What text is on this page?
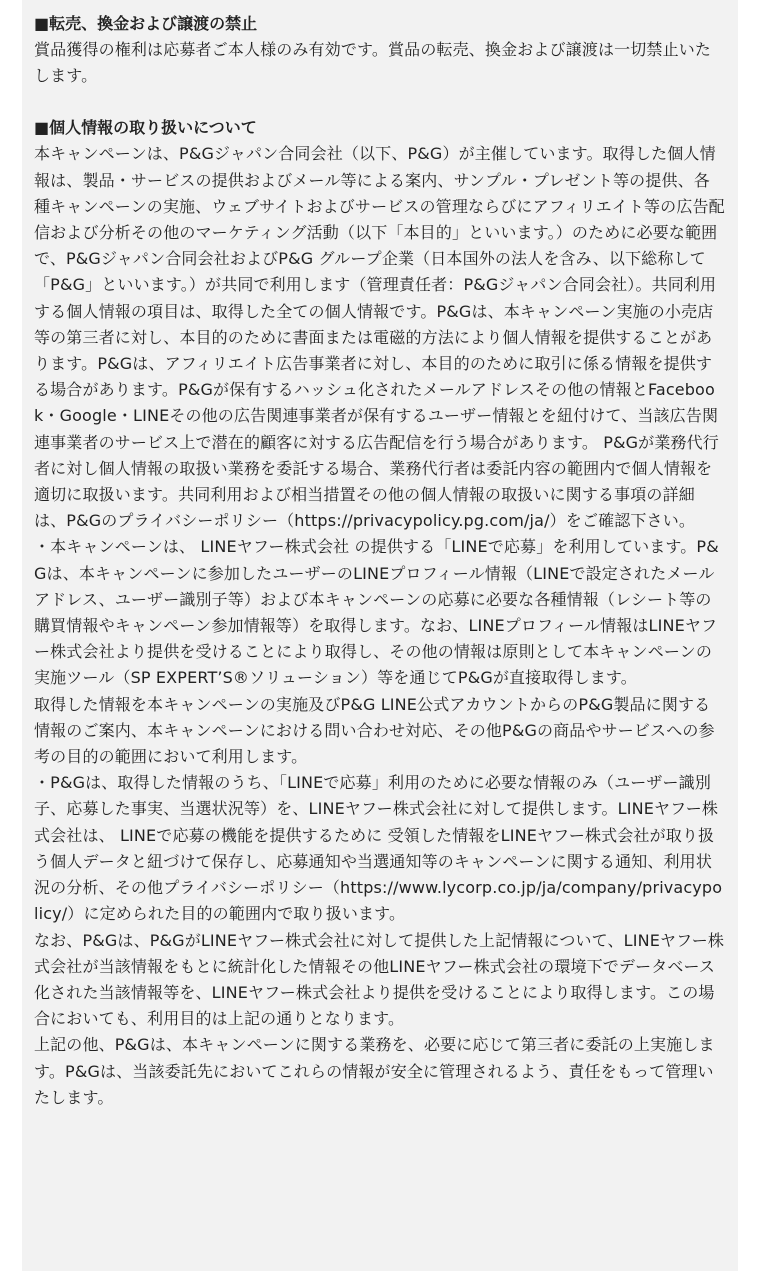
■転売、換金および譲渡の禁止

賞品獲得の権利は応募者ご本人様のみ有効です。賞品の転売、換金および譲渡は一切禁止いたします。

■個人情報の取り扱いについて

本キャンペーンは、P&Gジャパン合同会社（以下、P&G）が主催しています。取得した個人情報は、製品・サービスの提供およびメール等による案内、サンプル・プレゼント等の提供、各種キャンペーンの実施、ウェブサイトおよびサービスの管理ならびにアフィリエイト等の広告配信および分析その他のマーケティング活動（以下「本目的」といいます。）のために必要な範囲で、P&Gジャパン合同会社およびP&G グループ企業（日本国外の法人を含み、以下総称して「P&G」といいます。）が共同で利用します（管理責任者：P&Gジャパン合同会社）。共同利用する個人情報の項目は、取得した全ての個人情報です。P&Gは、本キャンペーン実施の小売店等の第三者に対し、本目的のために書面または電磁的方法により個人情報を提供することがあります。P&Gは、アフィリエイト広告事業者に対し、本目的のために取引に係る情報を提供する場合があります。P&Gが保有するハッシュ化されたメールアドレスその他の情報とFacebook・Google・LINEその他の広告関連事業者が保有するユーザー情報とを紐付けて、当該広告関連事業者のサービス上で潜在的顧客に対する広告配信を行う場合があります。 P&Gが業務代行者に対し個人情報の取扱い業務を委託する場合、業務代行者は委託内容の範囲内で個人情報を適切に取扱います。共同利用および相当措置その他の個人情報の取扱いに関する事項の詳細は、P&Gのプライバシーポリシー（https://privacypolicy.pg.com/ja/）をご確認下さい。

・本キャンペーンは、 LINEヤフー株式会社 の提供する「LINEで応募」を利用しています。P&Gは、本キャンペーンに参加したユーザーのLINEプロフィール情報（LINEで設定されたメールアドレス、ユーザー識別子等）および本キャンペーンの応募に必要な各種情報（レシート等の購買情報やキャンペーン参加情報等）を取得します。なお、LINEプロフィール情報はLINEヤフー株式会社より提供を受けることにより取得し、その他の情報は原則として本キャンペーンの実施ツール（SP EXPERT’S®ソリューション）等を通じてP&Gが直接取得します。

取得した情報を本キャンペーンの実施及びP&G LINE公式アカウントからのP&G製品に関する情報のご案内、本キャンペーンにおける問い合わせ対応、その他P&Gの商品やサービスへの参考の目的の範囲において利用します。

・P&Gは、取得した情報のうち、「LINEで応募」利用のために必要な情報のみ（ユーザー識別子、応募した事実、当選状況等）を、LINEヤフー株式会社に対して提供します。LINEヤフー株式会社は、 LINEで応募の機能を提供するために 受領した情報をLINEヤフー株式会社が取り扱う個人データと紐づけて保存し、応募通知や当選通知等のキャンペーンに関する通知、利用状況の分析、その他プライバシーポリシー（https://www.lycorp.co.jp/ja/company/privacypolicy/）に定められた目的の範囲内で取り扱います。

なお、P&Gは、P&GがLINEヤフー株式会社に対して提供した上記情報について、LINEヤフー株式会社が当該情報をもとに統計化した情報その他LINEヤフー株式会社の環境下でデータベース化された当該情報等を、LINEヤフー株式会社より提供を受けることにより取得します。この場合においても、利用目的は上記の通りとなります。

上記の他、P&Gは、本キャンペーンに関する業務を、必要に応じて第三者に委託の上実施します。P&Gは、当該委託先においてこれらの情報が安全に管理されるよう、責任をもって管理いたします。
